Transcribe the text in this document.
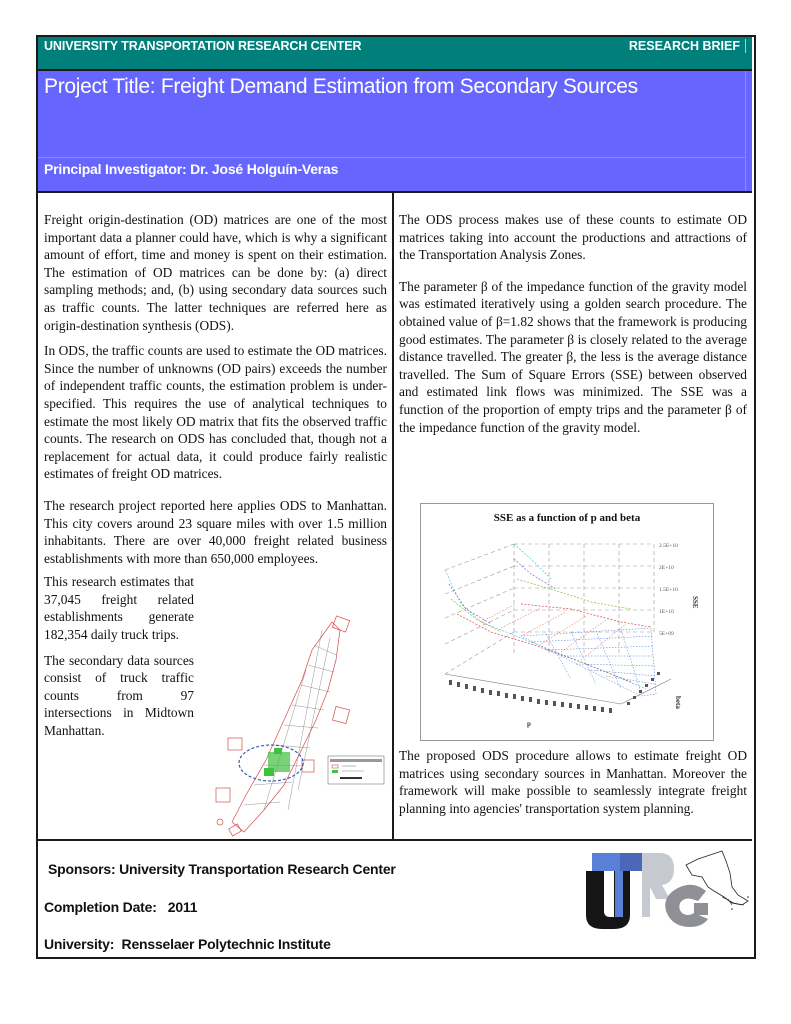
UNIVERSITY TRANSPORTATION RESEARCH CENTER	RESEARCH BRIEF
Project Title: Freight Demand Estimation from Secondary Sources
Principal Investigator: Dr. José Holguín-Veras

Freight origin-destination (OD) matrices are one of the most important data a planner could have, which is why a significant amount of effort, time and money is spent on their estimation. The estimation of OD matrices can be done by: (a) direct sampling methods; and, (b) using secondary data sources such as traffic counts. The latter techniques are referred here as origin-destination synthesis (ODS).

In ODS, the traffic counts are used to estimate the OD matrices. Since the number of unknowns (OD pairs) exceeds the number of independent traffic counts, the estimation problem is under-specified. This requires the use of analytical techniques to estimate the most likely OD matrix that fits the observed traffic counts. The research on ODS has concluded that, though not a replacement for actual data, it could produce fairly realistic estimates of freight OD matrices.

The research project reported here applies ODS to Manhattan. This city covers around 23 square miles with over 1.5 million inhabitants. There are over 40,000 freight related business establishments with more than 650,000 employees.

This research estimates that 37,045 freight related establishments generate 182,354 daily truck trips.

The secondary data sources consist of truck traffic counts from 97 intersections in Midtown Manhattan.

The ODS process makes use of these counts to estimate OD matrices taking into account the productions and attractions of the Transportation Analysis Zones.

The parameter β of the impedance function of the gravity model was estimated iteratively using a golden search procedure. The obtained value of β=1.82 shows that the framework is producing good estimates. The parameter β is closely related to the average distance travelled. The greater β, the less is the average distance travelled. The Sum of Square Errors (SSE) between observed and estimated link flows was minimized. The SSE was a function of the proportion of empty trips and the parameter β of the impedance function of the gravity model.

SSE as a function of p and beta
2.5E+10
2E+10
1.5E+10
1E+10
5E+09
SSE
beta
p

The proposed ODS procedure allows to estimate freight OD matrices using secondary sources in Manhattan. Moreover the framework will make possible to seamlessly integrate freight planning into agencies' transportation system planning.

Sponsors: University Transportation Research Center
Completion Date:   2011
University:  Rensselaer Polytechnic Institute
